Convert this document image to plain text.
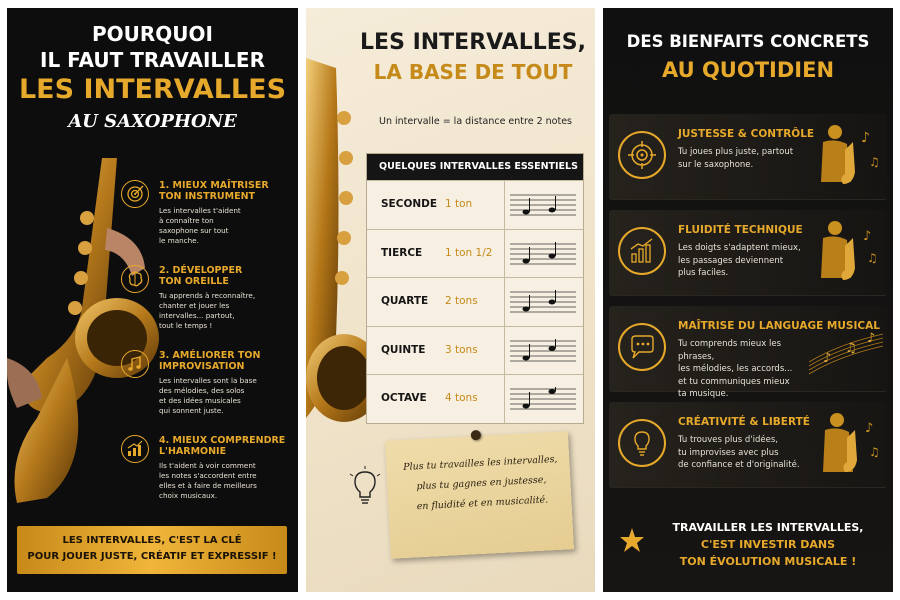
POURQUOI
IL FAUT TRAVAILLER
LES INTERVALLES
AU SAXOPHONE
1. MIEUX MAÎTRISER
TON INSTRUMENT
Les intervalles t'aident
à connaître ton
saxophone sur tout
le manche.
2. DÉVELOPPER
TON OREILLE
Tu apprends à reconnaître,
chanter et jouer les
intervalles... partout,
tout le temps !
3. AMÉLIORER TON
IMPROVISATION
Les intervalles sont la base
des mélodies, des solos
et des idées musicales
qui sonnent juste.
4. MIEUX COMPRENDRE
L'HARMONIE
Ils t'aident à voir comment
les notes s'accordent entre
elles et à faire de meilleurs
choix musicaux.
LES INTERVALLES, C'EST LA CLÉ
POUR JOUER JUSTE, CRÉATIF ET EXPRESSIF !
LES INTERVALLES,
LA BASE DE TOUT
Un intervalle = la distance entre 2 notes
QUELQUES INTERVALLES ESSENTIELS
SECONDE 1 ton
TIERCE 1 ton 1/2
QUARTE 2 tons
QUINTE 3 tons
OCTAVE 4 tons
Plus tu travailles les intervalles,
plus tu gagnes en justesse,
en fluidité et en musicalité.
DES BIENFAITS CONCRETS
AU QUOTIDIEN
JUSTESSE & CONTRÔLE
Tu joues plus juste, partout
sur le saxophone.
♪
♫
FLUIDITÉ TECHNIQUE
Les doigts s'adaptent mieux,
les passages deviennent
plus faciles.
♪
♫
MAÎTRISE DU LANGUAGE MUSICAL
Tu comprends mieux les phrases,
les mélodies, les accords...
et tu communiques mieux
ta musique.
♪
♫
♪
CRÉATIVITÉ & LIBERTÉ
Tu trouves plus d'idées,
tu improvises avec plus
de confiance et d'originalité.
♪
♫
TRAVAILLER LES INTERVALLES,
C'EST INVESTIR DANS
TON ÉVOLUTION MUSICALE !
